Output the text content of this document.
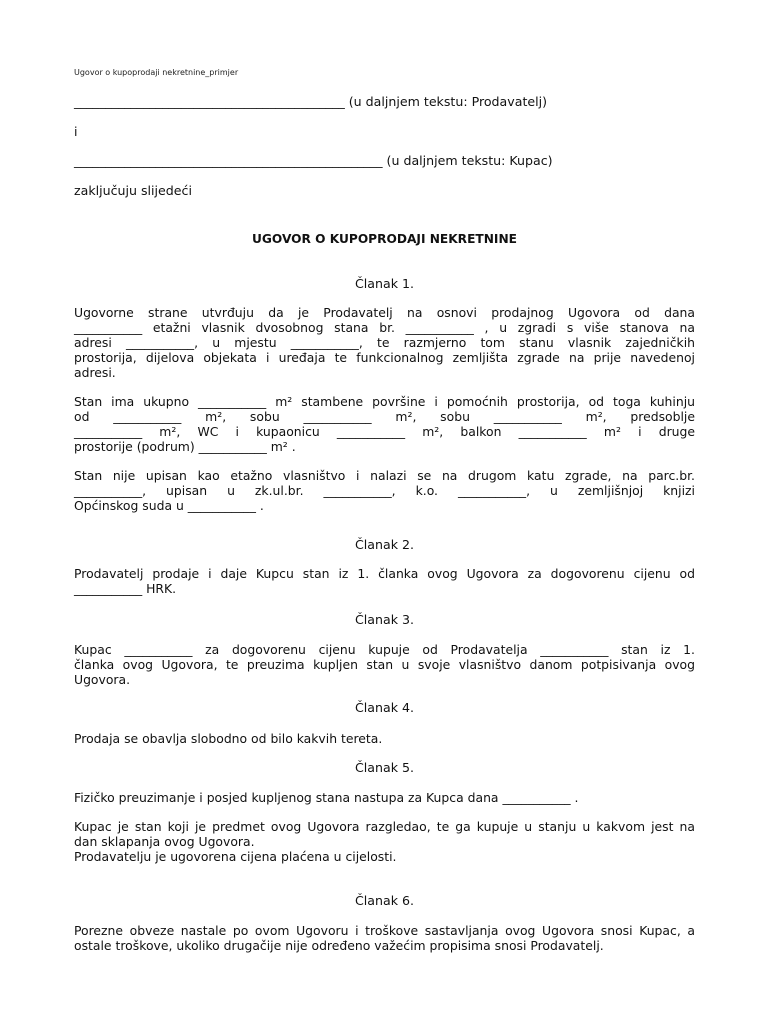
Ugovor o kupoprodaji nekretnine_primjer
___________________________________________ (u daljnjem tekstu: Prodavatelj)
i
_________________________________________________ (u daljnjem tekstu: Kupac)
zaključuju slijedeći
UGOVOR O KUPOPRODAJI NEKRETNINE
Članak 1.
Ugovorne strane utvrđuju da je Prodavatelj na osnovi prodajnog Ugovora od dana
___________ etažni vlasnik dvosobnog stana br. ___________ , u zgradi s više stanova na
adresi ___________, u mjestu ___________, te razmjerno tom stanu vlasnik zajedničkih
prostorija, dijelova objekata i uređaja te funkcionalnog zemljišta zgrade na prije navedenoj
adresi.
Stan ima ukupno ___________ m² stambene površine i pomoćnih prostorija, od toga kuhinju
od ___________ m², sobu ___________ m², sobu ___________ m², predsoblje
___________ m², WC i kupaonicu ___________ m², balkon ___________ m² i druge
prostorije (podrum) ___________ m² .
Stan nije upisan kao etažno vlasništvo i nalazi se na drugom katu zgrade, na parc.br.
___________, upisan u zk.ul.br. ___________, k.o. ___________, u zemljišnjoj knjizi
Općinskog suda u ___________ .
Članak 2.
Prodavatelj prodaje i daje Kupcu stan iz 1. članka ovog Ugovora za dogovorenu cijenu od
___________ HRK.
Članak 3.
Kupac ___________ za dogovorenu cijenu kupuje od Prodavatelja ___________ stan iz 1.
članka ovog Ugovora, te preuzima kupljen stan u svoje vlasništvo danom potpisivanja ovog
Ugovora.
Članak 4.
Prodaja se obavlja slobodno od bilo kakvih tereta.
Članak 5.
Fizičko preuzimanje i posjed kupljenog stana nastupa za Kupca dana ___________ .
Kupac je stan koji je predmet ovog Ugovora razgledao, te ga kupuje u stanju u kakvom jest na
dan sklapanja ovog Ugovora.
Prodavatelju je ugovorena cijena plaćena u cijelosti.
Članak 6.
Porezne obveze nastale po ovom Ugovoru i troškove sastavljanja ovog Ugovora snosi Kupac, a
ostale troškove, ukoliko drugačije nije određeno važećim propisima snosi Prodavatelj.
